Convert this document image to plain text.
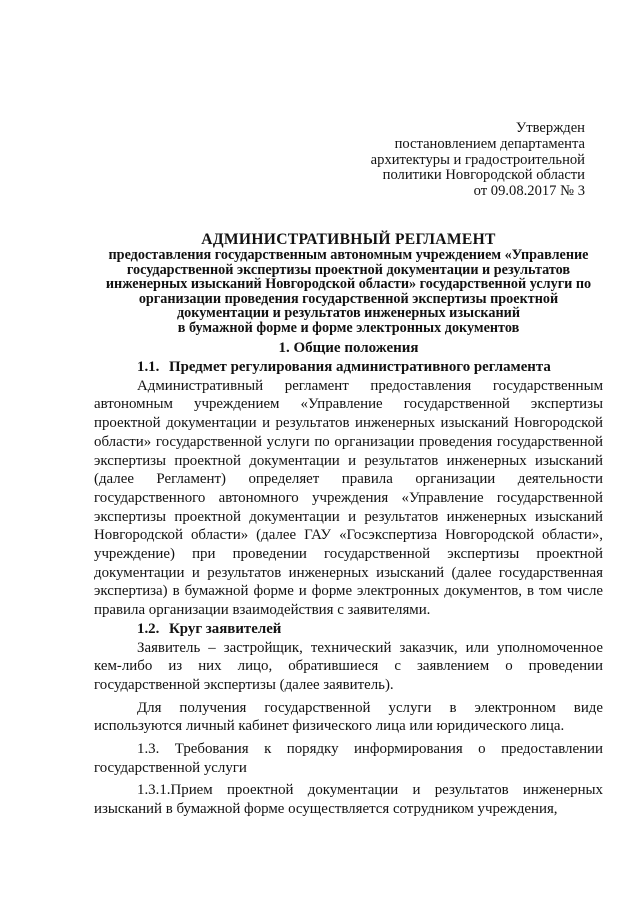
Утвержден
постановлением департамента
архитектуры и градостроительной
политики Новгородской области
от 09.08.2017 № 3
АДМИНИСТРАТИВНЫЙ РЕГЛАМЕНТ
предоставления государственным автономным учреждением «Управление
государственной экспертизы проектной документации и результатов
инженерных изысканий Новгородской области» государственной услуги по
организации проведения государственной экспертизы проектной
документации и результатов инженерных изысканий
в бумажной форме и форме электронных документов
1. Общие положения

1.1. Предмет регулирования административного регламента

Административный регламент предоставления государственным автономным учреждением «Управление государственной экспертизы проектной документации и результатов инженерных изысканий Новгородской области» государственной услуги по организации проведения государственной экспертизы проектной документации и результатов инженерных изысканий (далее Регламент) определяет правила организации деятельности государственного автономного учреждения «Управление государственной экспертизы проектной документации и результатов инженерных изысканий Новгородской области» (далее ГАУ «Госэкспертиза Новгородской области», учреждение) при проведении государственной экспертизы проектной документации и результатов инженерных изысканий (далее государственная экспертиза) в бумажной форме и форме электронных документов, в том числе правила организации взаимодействия с заявителями.

1.2. Круг заявителей

Заявитель – застройщик, технический заказчик, или уполномоченное кем-либо из них лицо, обратившиеся с заявлением о проведении государственной экспертизы (далее заявитель).

Для получения государственной услуги в электронном виде используются личный кабинет физического лица или юридического лица.

1.3. Требования к порядку информирования о предоставлении государственной услуги

1.3.1.Прием проектной документации и результатов инженерных изысканий в бумажной форме осуществляется сотрудником учреждения,
